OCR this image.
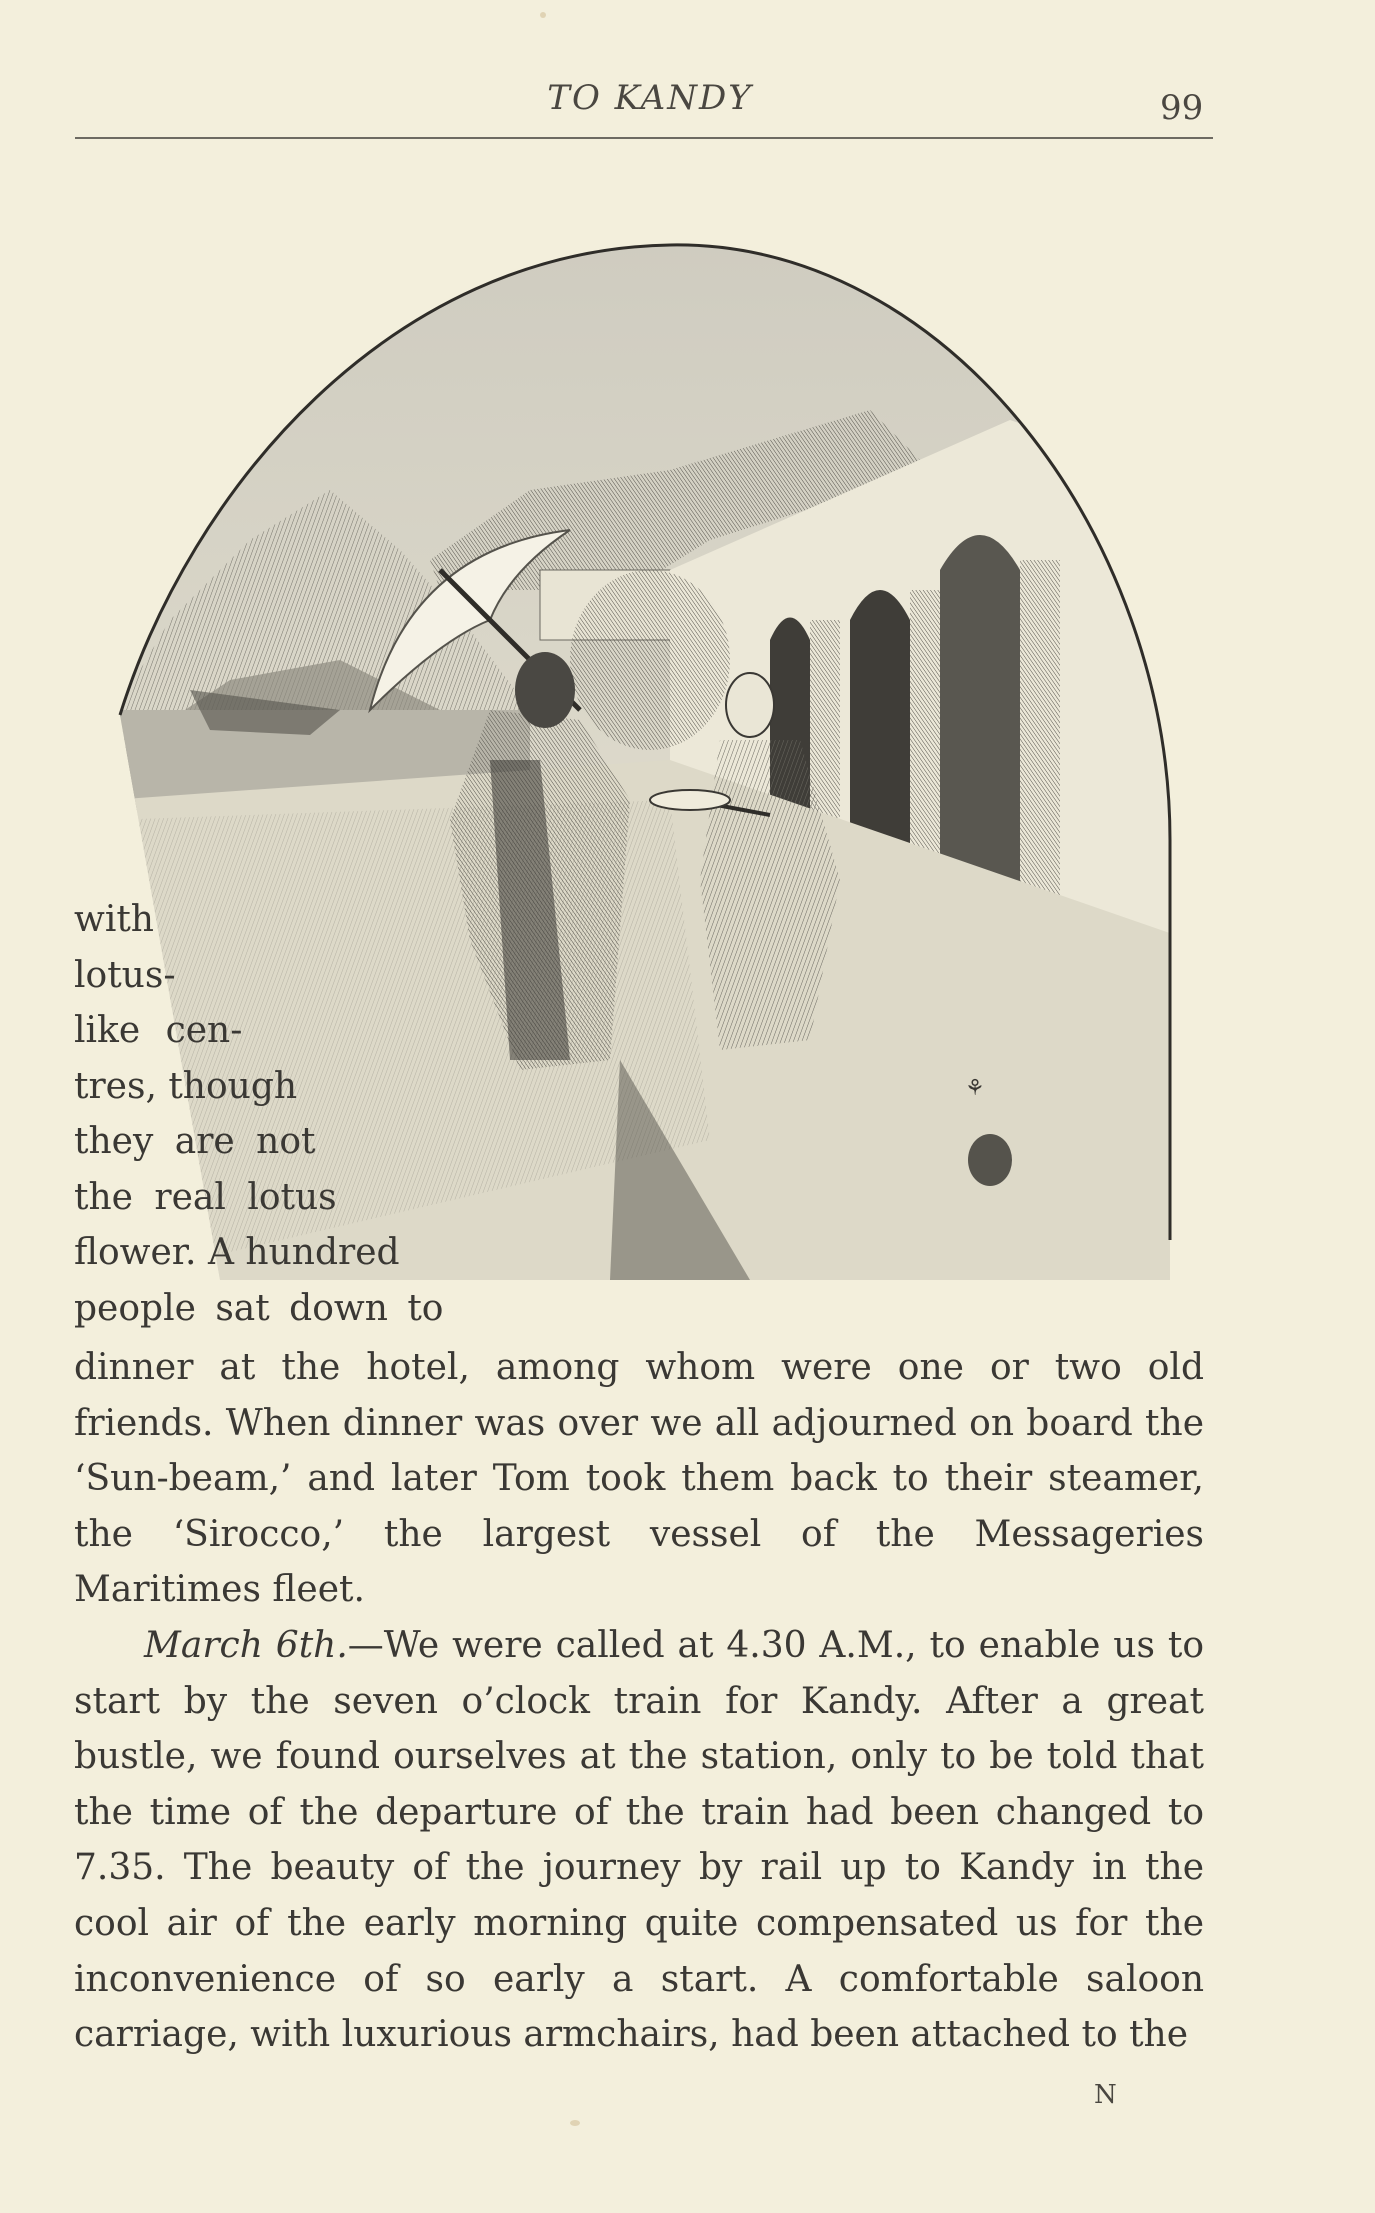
TO KANDY	99
⚘
with
lotus-
like cen-
tres, though
they are not
the real lotus
flower. A hundred
people sat down to
dinner at the hotel, among whom were one or two old friends. When dinner was over we all adjourned on board the ‘Sun-beam,’ and later Tom took them back to their steamer, the ‘Sirocco,’ the largest vessel of the Messageries Maritimes fleet.
March 6th.—We were called at 4.30 A.M., to enable us to start by the seven o’clock train for Kandy. After a great bustle, we found ourselves at the station, only to be told that the time of the departure of the train had been changed to 7.35. The beauty of the journey by rail up to Kandy in the cool air of the early morning quite compensated us for the inconvenience of so early a start. A comfortable saloon carriage, with luxurious armchairs, had been attached to the
N
